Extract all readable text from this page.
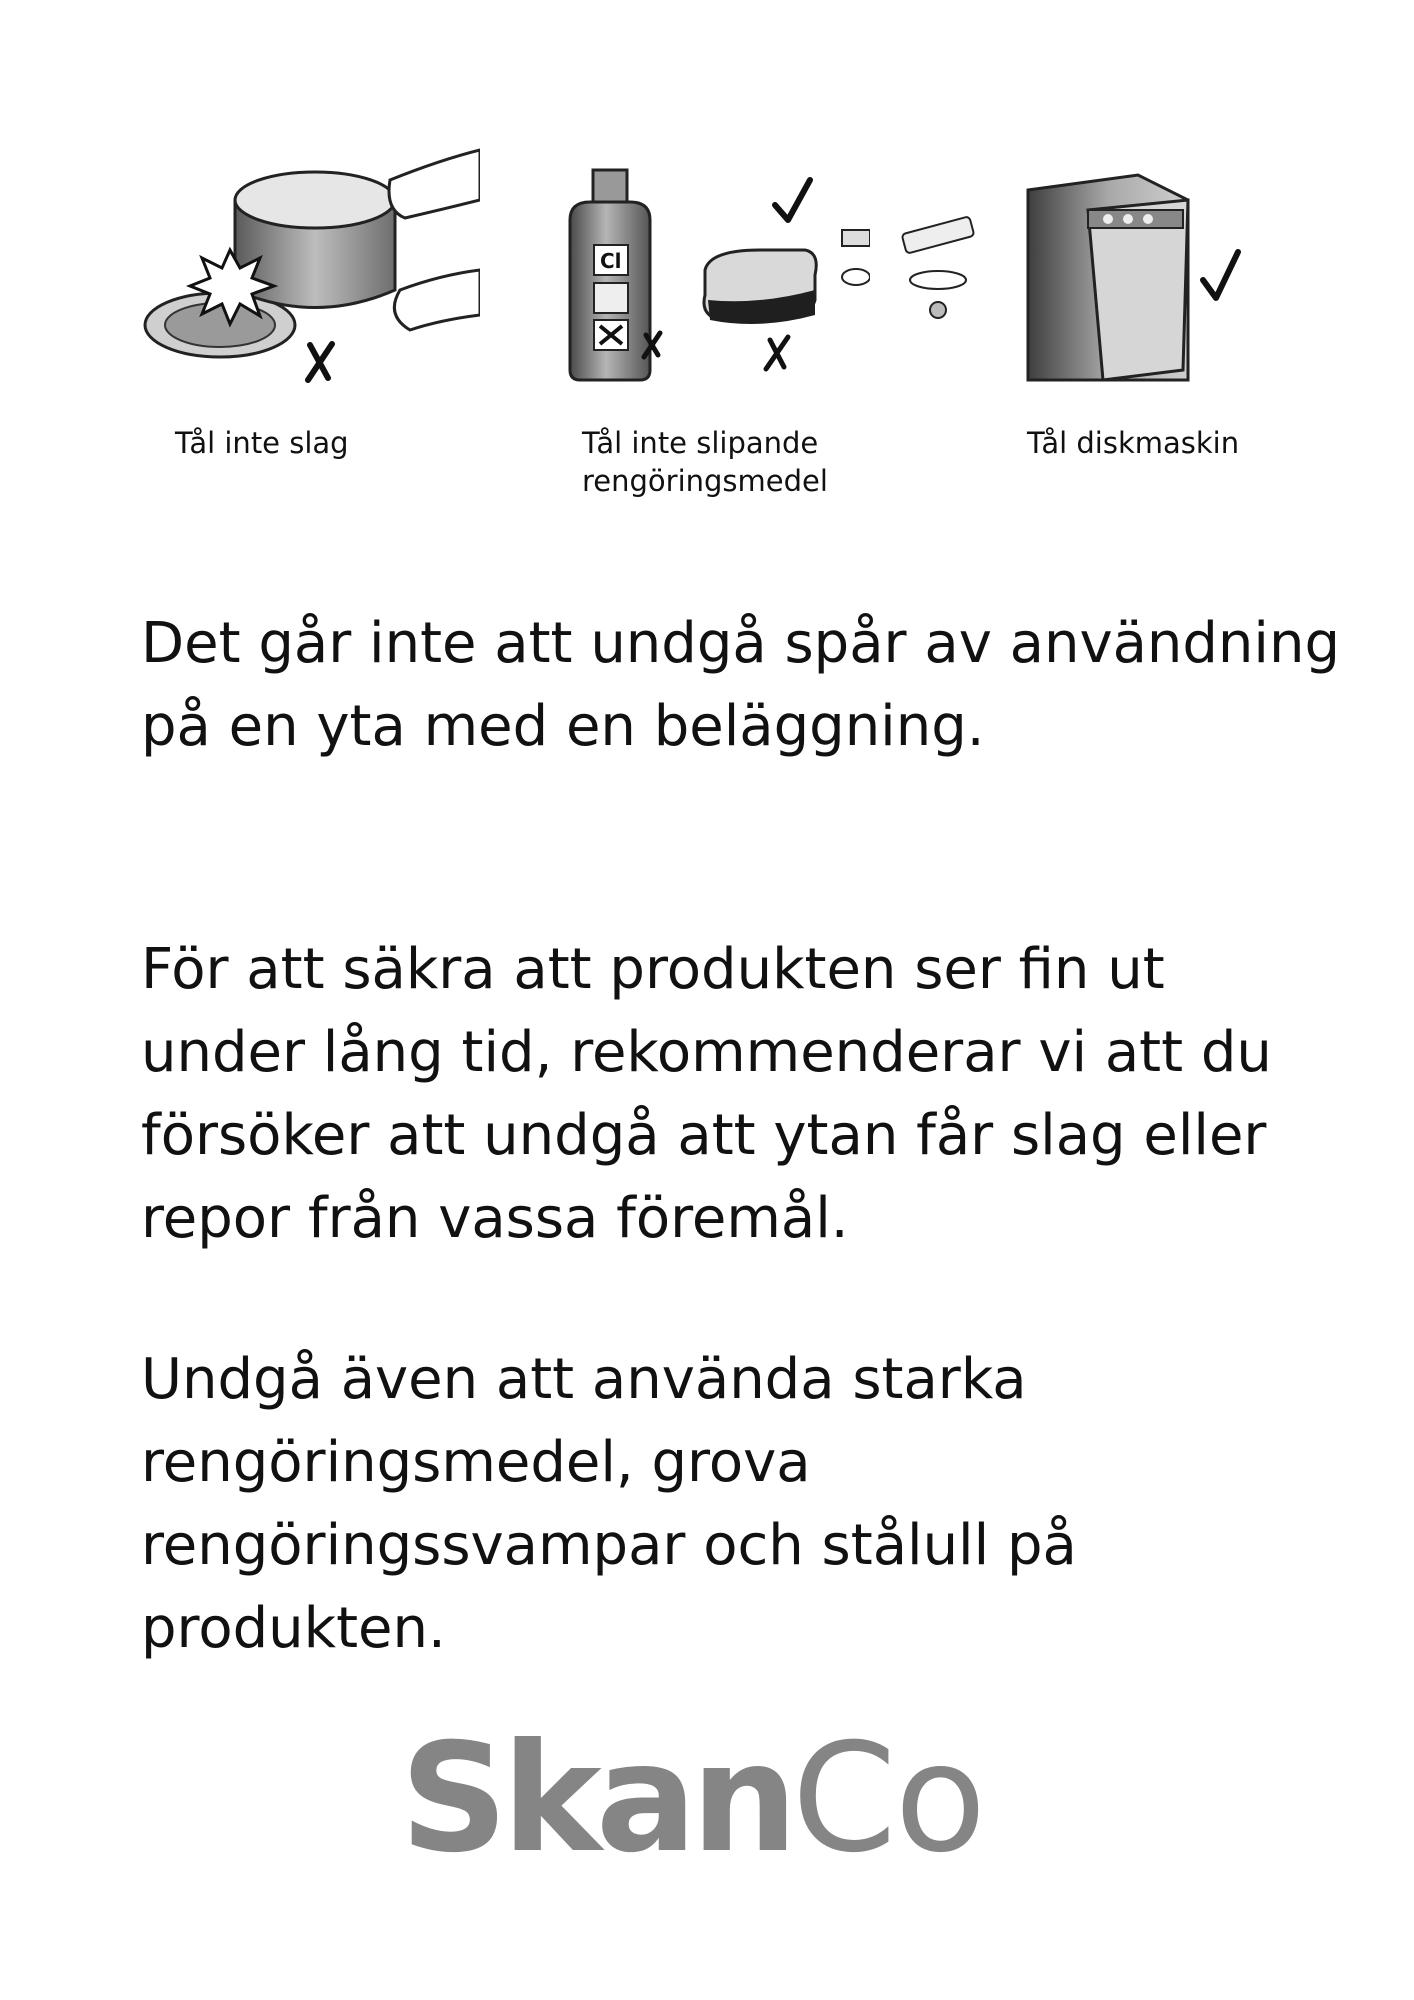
Cl
Tål inte slag	Tål inte slipande
rengöringsmedel
Tål diskmaskin

Det går inte att undgå spår av användning på en yta med en beläggning.

För att säkra att produkten ser fin ut under lång tid, rekommenderar vi att du försöker att undgå att ytan får slag eller repor från vassa föremål.

Undgå även att använda starka rengöringsmedel, grova rengöringssvampar och stålull på produkten.

SkanCo
